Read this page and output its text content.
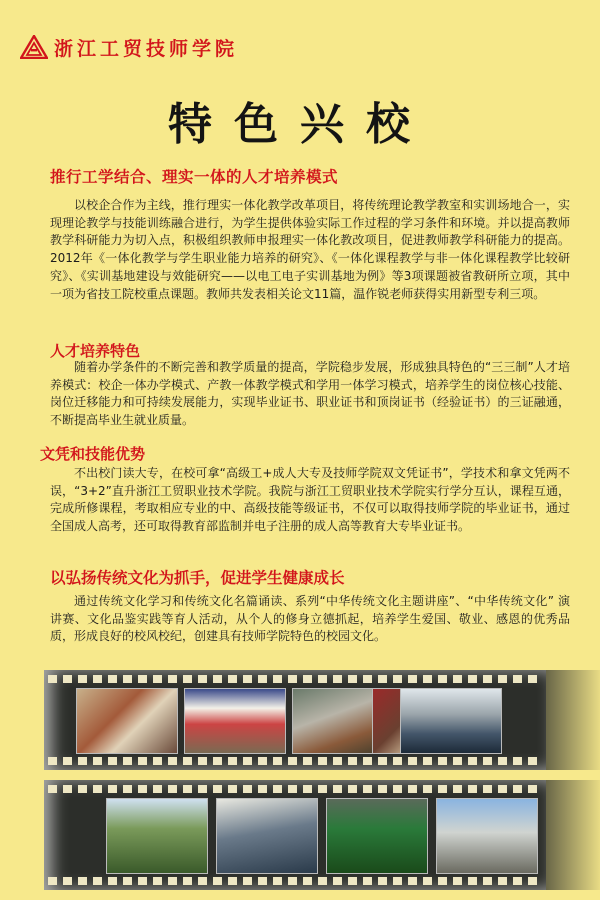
浙江工贸技师学院
特色兴校
推行工学结合、理实一体的人才培养模式

以校企合作为主线，推行理实一体化教学改革项目，将传统理论教学教室和实训场地合一，实现理论教学与技能训练融合进行，为学生提供体验实际工作过程的学习条件和环境。并以提高教师教学科研能力为切入点，积极组织教师申报理实一体化教改项目，促进教师教学科研能力的提高。2012年《一体化教学与学生职业能力培养的研究》、《一体化课程教学与非一体化课程教学比较研究》、《实训基地建设与效能研究——以电工电子实训基地为例》等3项课题被省教研所立项，其中一项为省技工院校重点课题。教师共发表相关论文11篇，温作锐老师获得实用新型专利三项。

人才培养特色

随着办学条件的不断完善和教学质量的提高，学院稳步发展，形成独具特色的“三三制”人才培养模式：校企一体办学模式、产教一体教学模式和学用一体学习模式，培养学生的岗位核心技能、岗位迁移能力和可持续发展能力，实现毕业证书、职业证书和顶岗证书（经验证书）的三证融通，不断提高毕业生就业质量。

文凭和技能优势

不出校门读大专，在校可拿“高级工+成人大专及技师学院双文凭证书”，学技术和拿文凭两不误，“3+2”直升浙江工贸职业技术学院。我院与浙江工贸职业技术学院实行学分互认，课程互通，完成所修课程，考取相应专业的中、高级技能等级证书，不仅可以取得技师学院的毕业证书，通过全国成人高考，还可取得教育部监制并电子注册的成人高等教育大专毕业证书。

以弘扬传统文化为抓手，促进学生健康成长

通过传统文化学习和传统文化名篇诵读、系列“中华传统文化主题讲座”、“中华传统文化” 演讲赛、文化品鉴实践等育人活动，从个人的修身立德抓起，培养学生爱国、敬业、感恩的优秀品质，形成良好的校风校纪，创建具有技师学院特色的校园文化。
